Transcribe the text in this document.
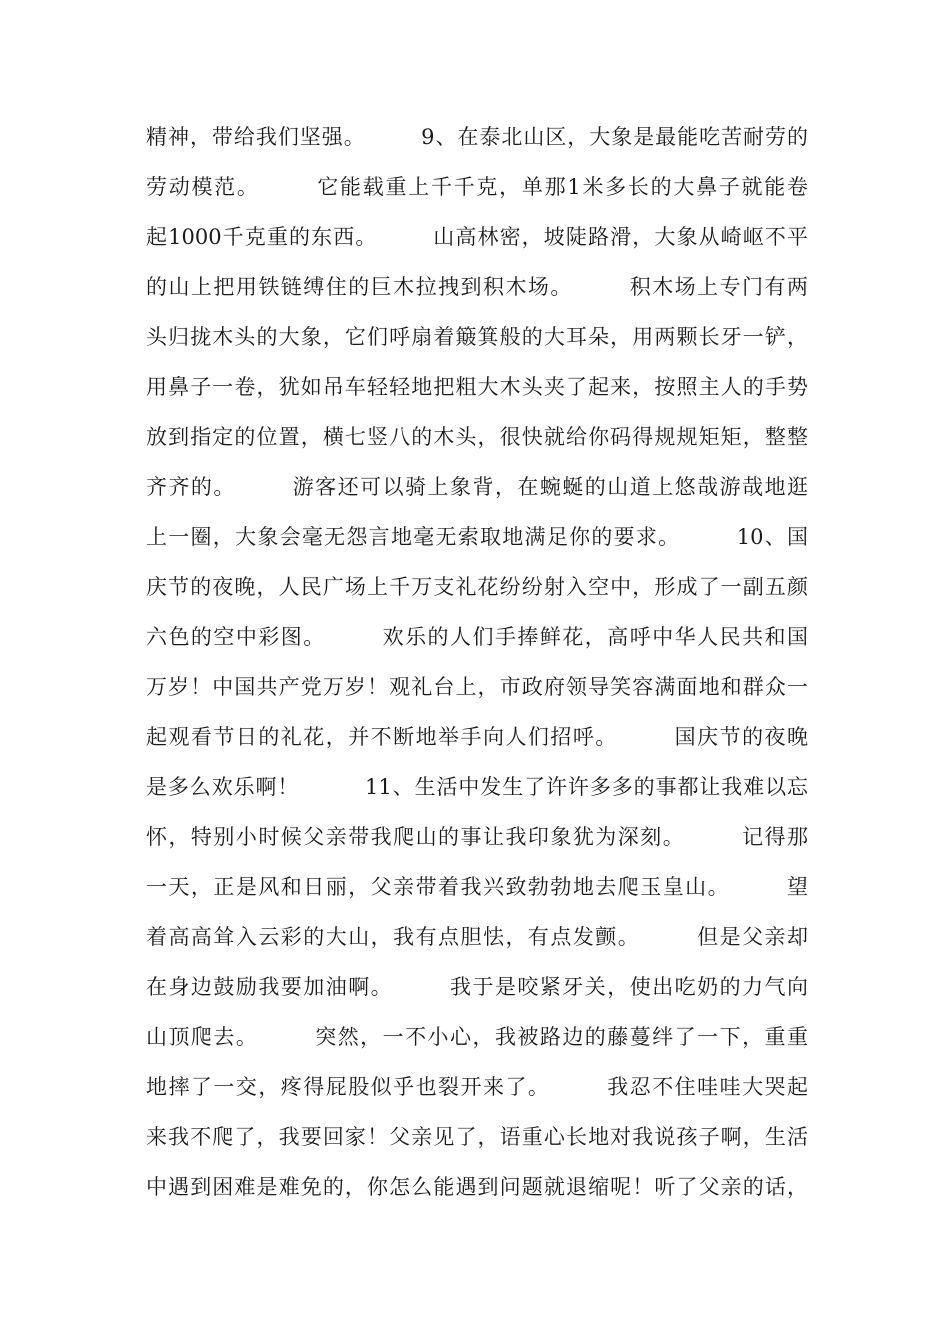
精神，带给我们坚强。　　　9、在泰北山区，大象是最能吃苦耐劳的
劳动模范。　　　它能载重上千千克，单那1米多长的大鼻子就能卷
起1000千克重的东西。　　　山高林密，坡陡路滑，大象从崎岖不平
的山上把用铁链缚住的巨木拉拽到积木场。　　　积木场上专门有两
头归拢木头的大象，它们呼扇着簸箕般的大耳朵，用两颗长牙一铲，
用鼻子一卷，犹如吊车轻轻地把粗大木头夹了起来，按照主人的手势
放到指定的位置，横七竖八的木头，很快就给你码得规规矩矩，整整
齐齐的。　　　游客还可以骑上象背，在蜿蜒的山道上悠哉游哉地逛
上一圈，大象会毫无怨言地毫无索取地满足你的要求。　　　10、国
庆节的夜晚，人民广场上千万支礼花纷纷射入空中，形成了一副五颜
六色的空中彩图。　　　欢乐的人们手捧鲜花，高呼中华人民共和国
万岁！中国共产党万岁！观礼台上，市政府领导笑容满面地和群众一
起观看节日的礼花，并不断地举手向人们招呼。　　　国庆节的夜晚
是多么欢乐啊！　　　11、生活中发生了许许多多的事都让我难以忘
怀，特别小时候父亲带我爬山的事让我印象犹为深刻。　　　记得那
一天，正是风和日丽，父亲带着我兴致勃勃地去爬玉皇山。　　　望
着高高耸入云彩的大山，我有点胆怯，有点发颤。　　　但是父亲却
在身边鼓励我要加油啊。　　　我于是咬紧牙关，使出吃奶的力气向
山顶爬去。　　　突然，一不小心，我被路边的藤蔓绊了一下，重重
地摔了一交，疼得屁股似乎也裂开来了。　　　我忍不住哇哇大哭起
来我不爬了，我要回家！父亲见了，语重心长地对我说孩子啊，生活
中遇到困难是难免的，你怎么能遇到问题就退缩呢！听了父亲的话，
